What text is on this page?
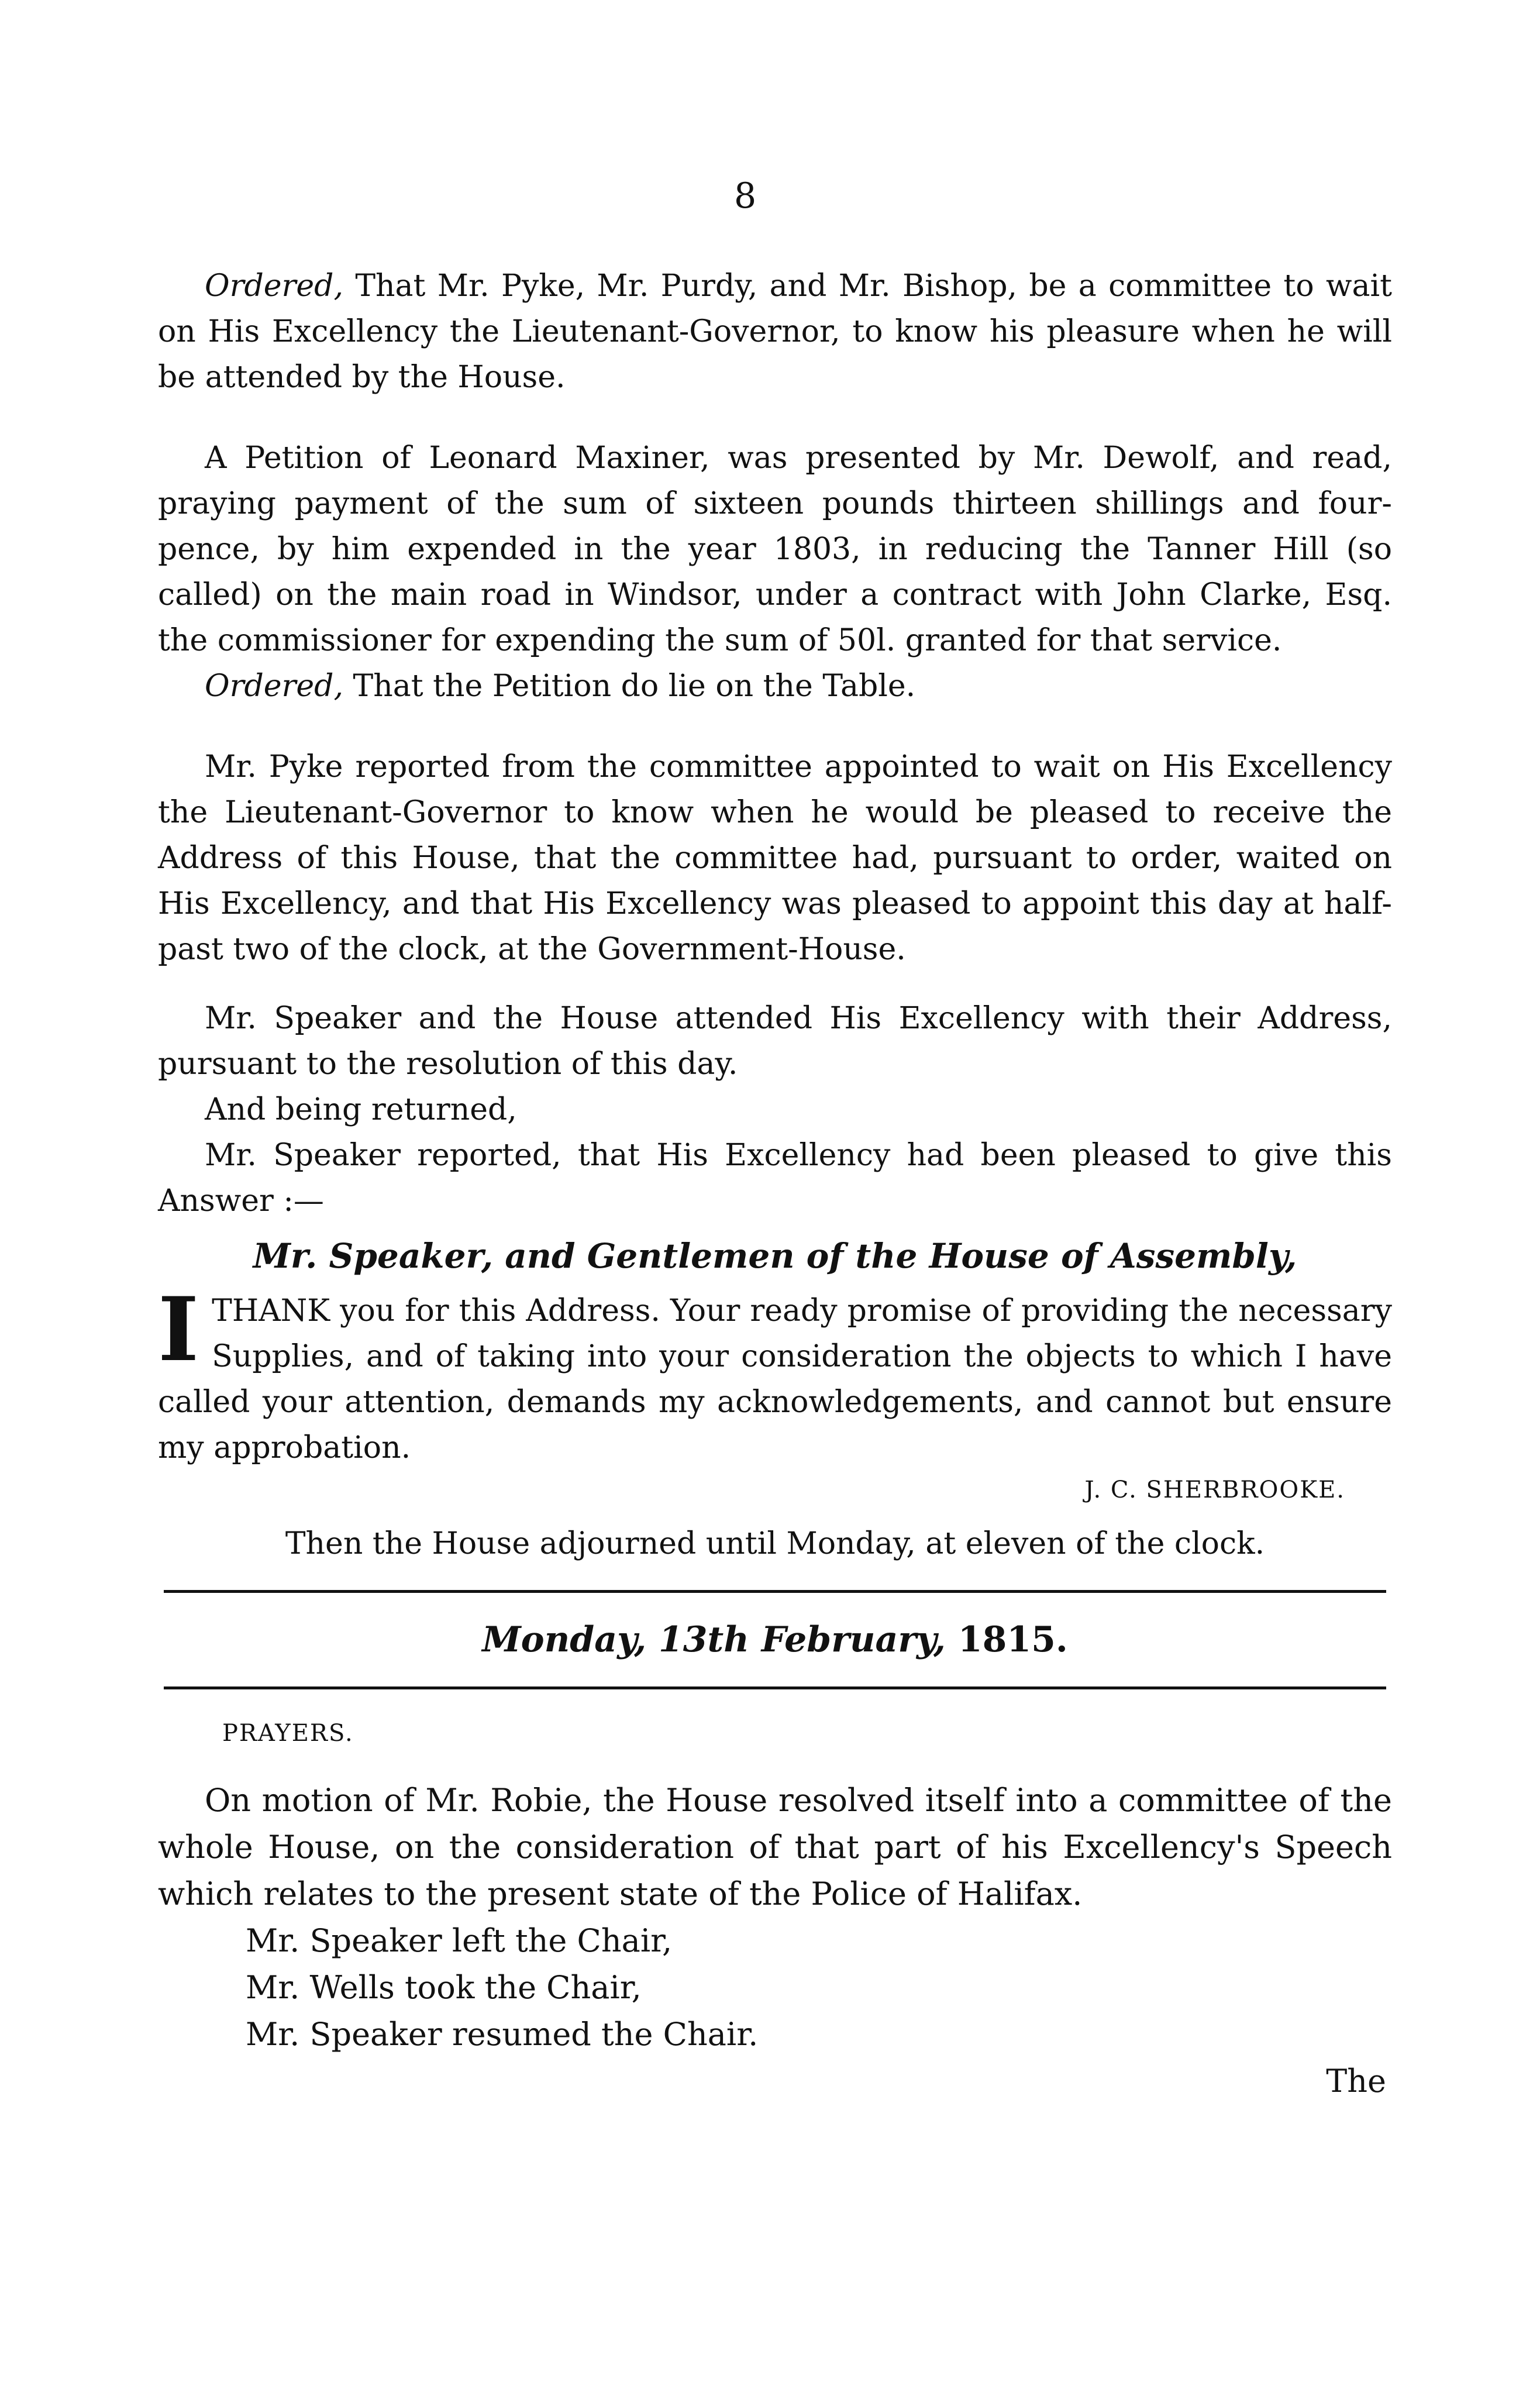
8

Ordered, That Mr. Pyke, Mr. Purdy, and Mr. Bishop, be a committee to wait on His Excellency the Lieutenant-Governor, to know his pleasure when he will be attended by the House.

A Petition of Leonard Maxiner, was presented by Mr. Dewolf, and read, praying payment of the sum of sixteen pounds thirteen shillings and four-pence, by him expended in the year 1803, in reducing the Tanner Hill (so called) on the main road in Windsor, under a contract with John Clarke, Esq. the commissioner for expending the sum of 50l. granted for that service.

Ordered, That the Petition do lie on the Table.

Mr. Pyke reported from the committee appointed to wait on His Excellency the Lieutenant-Governor to know when he would be pleased to receive the Address of this House, that the committee had, pursuant to order, waited on His Excellency, and that His Excellency was pleased to appoint this day at half-past two of the clock, at the Government-House.

Mr. Speaker and the House attended His Excellency with their Address, pursuant to the resolution of this day.

And being returned,

Mr. Speaker reported, that His Excellency had been pleased to give this Answer :—

Mr. Speaker, and Gentlemen of the House of Assembly,
I THANK you for this Address. Your ready promise of providing the necessary Supplies, and of taking into your consideration the objects to which I have called your attention, demands my acknowledgements, and cannot but ensure my approbation.
J. C. SHERBROOKE.
Then the House adjourned until Monday, at eleven of the clock.
Monday, 13th February, 1815.
PRAYERS.

On motion of Mr. Robie, the House resolved itself into a committee of the whole House, on the consideration of that part of his Excellency's Speech which relates to the present state of the Police of Halifax.

Mr. Speaker left the Chair,

Mr. Wells took the Chair,

Mr. Speaker resumed the Chair.

The
